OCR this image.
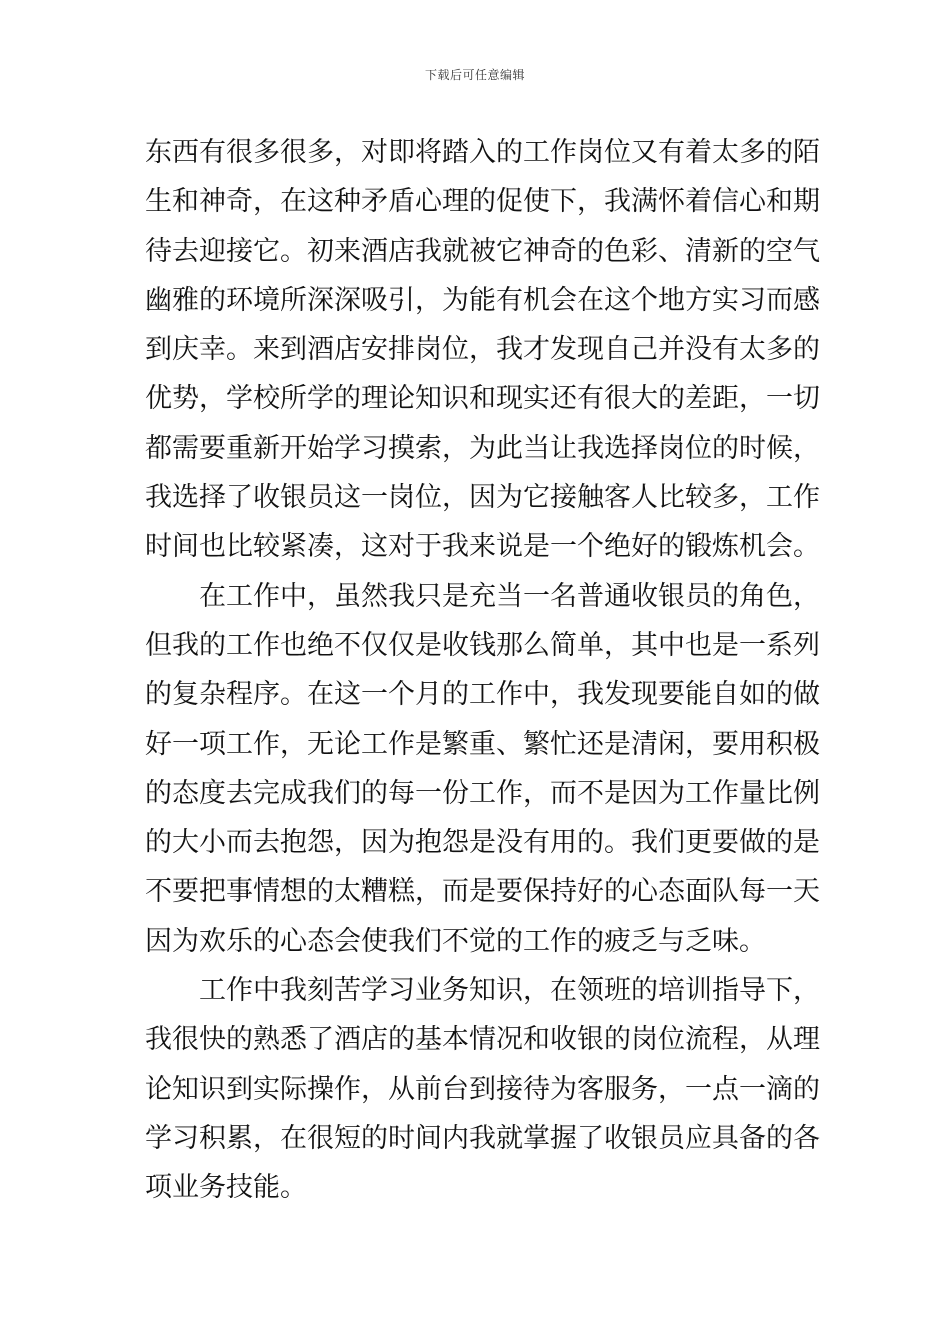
下载后可任意编辑
东西有很多很多，对即将踏入的工作岗位又有着太多的陌
生和神奇，在这种矛盾心理的促使下，我满怀着信心和期
待去迎接它。初来酒店我就被它神奇的色彩、清新的空气
幽雅的环境所深深吸引，为能有机会在这个地方实习而感
到庆幸。来到酒店安排岗位，我才发现自己并没有太多的
优势，学校所学的理论知识和现实还有很大的差距，一切
都需要重新开始学习摸索，为此当让我选择岗位的时候，
我选择了收银员这一岗位，因为它接触客人比较多，工作
时间也比较紧凑，这对于我来说是一个绝好的锻炼机会。
在工作中，虽然我只是充当一名普通收银员的角色，
但我的工作也绝不仅仅是收钱那么简单，其中也是一系列
的复杂程序。在这一个月的工作中，我发现要能自如的做
好一项工作，无论工作是繁重、繁忙还是清闲，要用积极
的态度去完成我们的每一份工作，而不是因为工作量比例
的大小而去抱怨，因为抱怨是没有用的。我们更要做的是
不要把事情想的太糟糕，而是要保持好的心态面队每一天
因为欢乐的心态会使我们不觉的工作的疲乏与乏味。
工作中我刻苦学习业务知识，在领班的培训指导下，
我很快的熟悉了酒店的基本情况和收银的岗位流程，从理
论知识到实际操作，从前台到接待为客服务，一点一滴的
学习积累，在很短的时间内我就掌握了收银员应具备的各
项业务技能。
